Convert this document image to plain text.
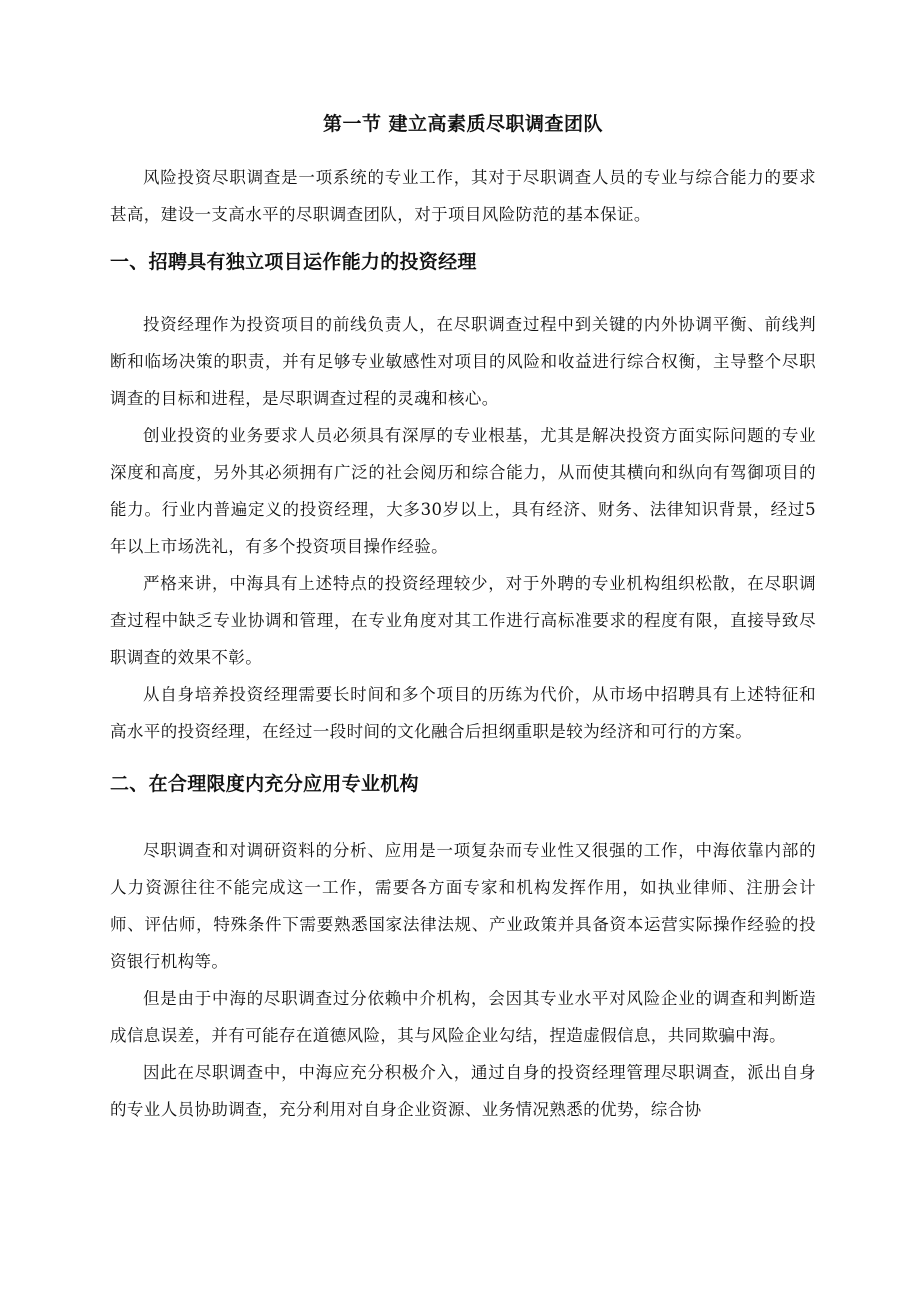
第一节 建立高素质尽职调查团队

风险投资尽职调查是一项系统的专业工作，其对于尽职调查人员的专业与综合能力的要求甚高，建设一支高水平的尽职调查团队，对于项目风险防范的基本保证。

一、招聘具有独立项目运作能力的投资经理

投资经理作为投资项目的前线负责人，在尽职调查过程中到关键的内外协调平衡、前线判断和临场决策的职责，并有足够专业敏感性对项目的风险和收益进行综合权衡，主导整个尽职调查的目标和进程，是尽职调查过程的灵魂和核心。

创业投资的业务要求人员必须具有深厚的专业根基，尤其是解决投资方面实际问题的专业深度和高度，另外其必须拥有广泛的社会阅历和综合能力，从而使其横向和纵向有驾御项目的能力。行业内普遍定义的投资经理，大多30岁以上，具有经济、财务、法律知识背景，经过5年以上市场洗礼，有多个投资项目操作经验。

严格来讲，中海具有上述特点的投资经理较少，对于外聘的专业机构组织松散，在尽职调查过程中缺乏专业协调和管理，在专业角度对其工作进行高标准要求的程度有限，直接导致尽职调查的效果不彰。

从自身培养投资经理需要长时间和多个项目的历练为代价，从市场中招聘具有上述特征和高水平的投资经理，在经过一段时间的文化融合后担纲重职是较为经济和可行的方案。

二、在合理限度内充分应用专业机构

尽职调查和对调研资料的分析、应用是一项复杂而专业性又很强的工作，中海依靠内部的人力资源往往不能完成这一工作，需要各方面专家和机构发挥作用，如执业律师、注册会计师、评估师，特殊条件下需要熟悉国家法律法规、产业政策并具备资本运营实际操作经验的投资银行机构等。

但是由于中海的尽职调查过分依赖中介机构，会因其专业水平对风险企业的调查和判断造成信息误差，并有可能存在道德风险，其与风险企业勾结，捏造虚假信息，共同欺骗中海。

因此在尽职调查中，中海应充分积极介入，通过自身的投资经理管理尽职调查，派出自身的专业人员协助调查，充分利用对自身企业资源、业务情况熟悉的优势，综合协
